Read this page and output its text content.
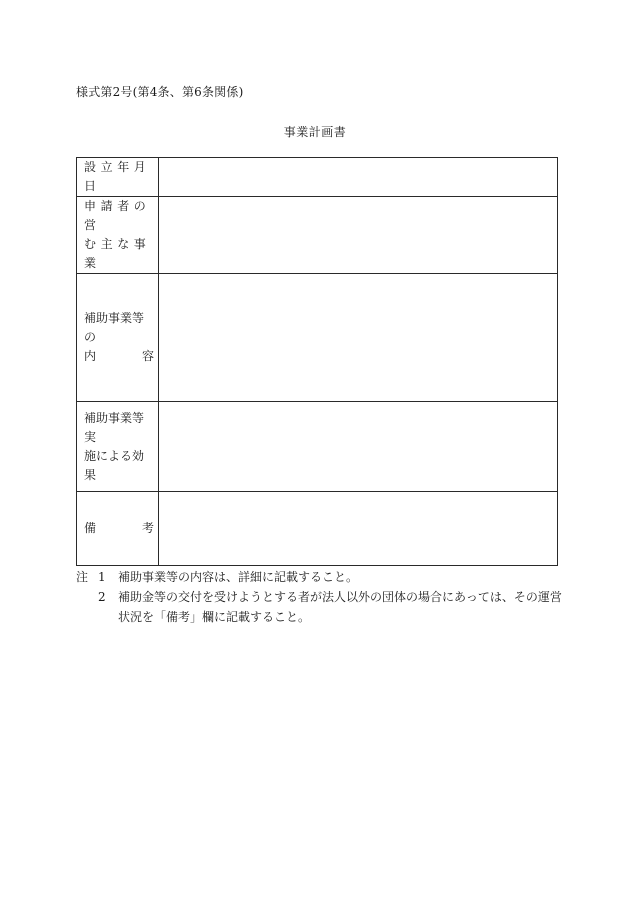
様式第2号(第4条、第6条関係)
事業計画書
設立年月日	

申請者の営
む主な事業	

補助事業等の
内 容	

補助事業等実
施による効果	

備 考	

注 1	補助事業等の内容は、詳細に記載すること。
2	補助金等の交付を受けようとする者が法人以外の団体の場合にあっては、その運営状況を「備考」欄に記載すること。
